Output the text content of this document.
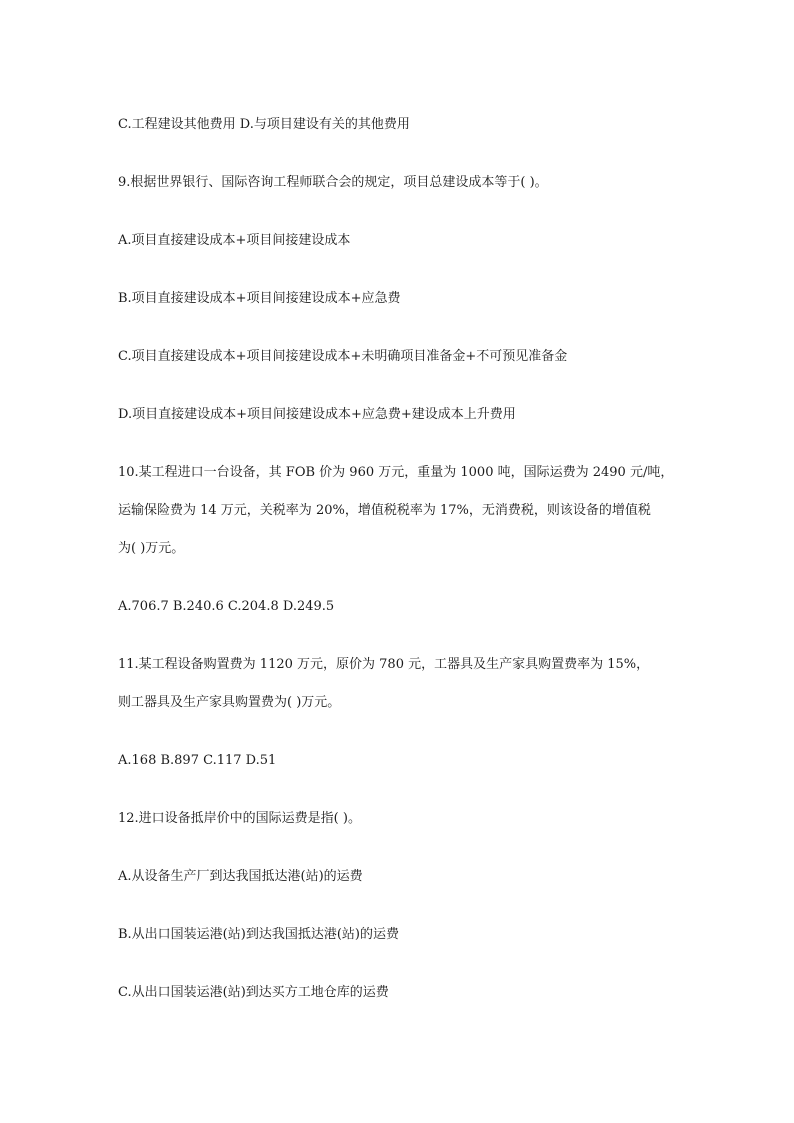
C.工程建设其他费用 D.与项目建设有关的其他费用
9.根据世界银行、国际咨询工程师联合会的规定，项目总建设成本等于( )。
A.项目直接建设成本+项目间接建设成本
B.项目直接建设成本+项目间接建设成本+应急费
C.项目直接建设成本+项目间接建设成本+未明确项目准备金+不可预见准备金
D.项目直接建设成本+项目间接建设成本+应急费+建设成本上升费用
10.某工程进口一台设备，其 FOB 价为 960 万元，重量为 1000 吨，国际运费为 2490 元/吨，
运输保险费为 14 万元，关税率为 20%，增值税税率为 17%，无消费税，则该设备的增值税
为( )万元。
A.706.7 B.240.6 C.204.8 D.249.5
11.某工程设备购置费为 1120 万元，原价为 780 元，工器具及生产家具购置费率为 15%，
则工器具及生产家具购置费为( )万元。
A.168 B.897 C.117 D.51
12.进口设备抵岸价中的国际运费是指( )。
A.从设备生产厂到达我国抵达港(站)的运费
B.从出口国装运港(站)到达我国抵达港(站)的运费
C.从出口国装运港(站)到达买方工地仓库的运费
